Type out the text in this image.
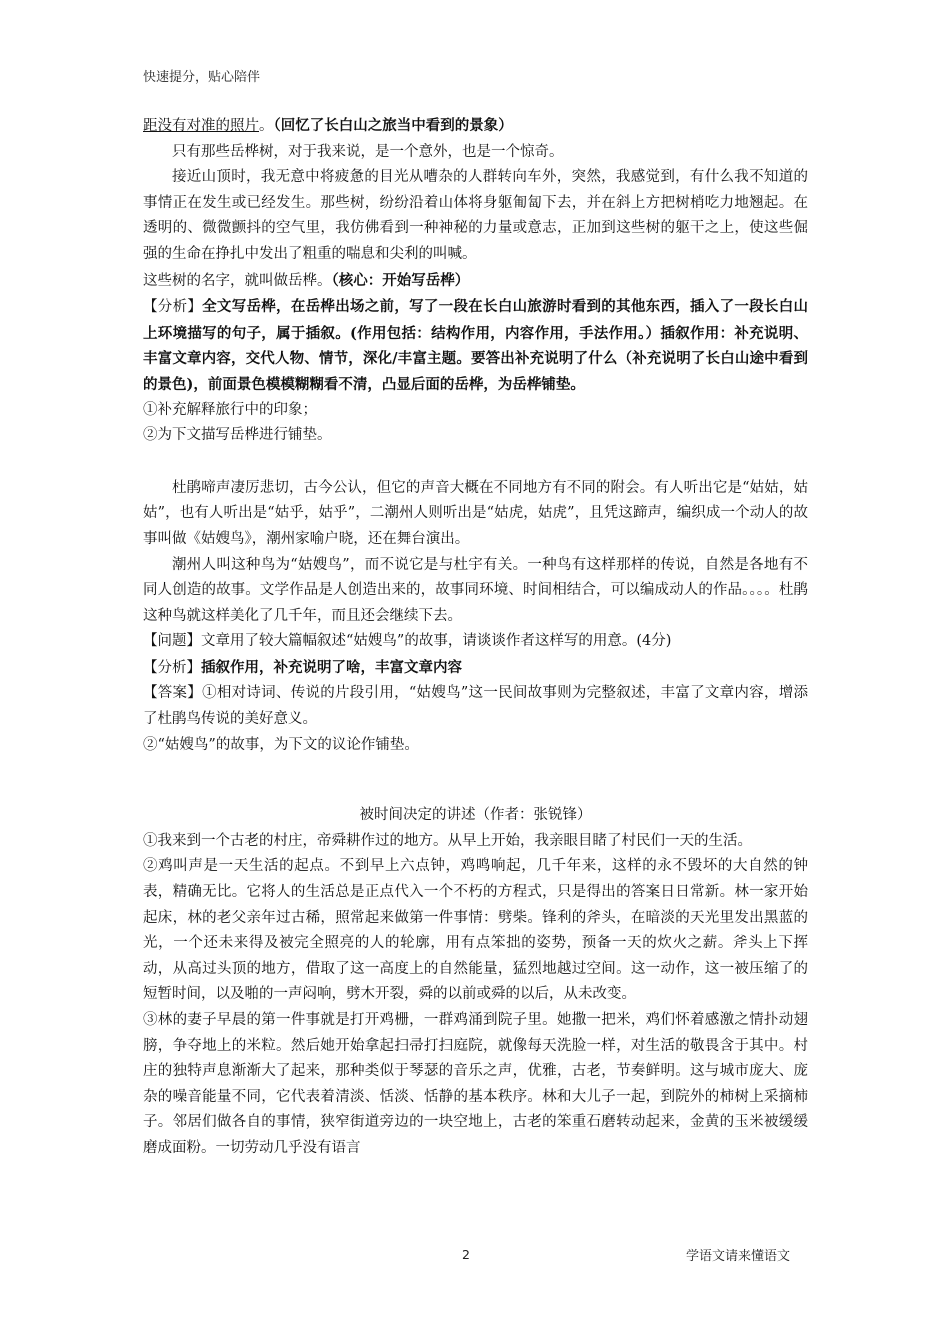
快速提分，贴心陪伴

距没有对准的照片。（回忆了长白山之旅当中看到的景象）

只有那些岳桦树，对于我来说，是一个意外，也是一个惊奇。

接近山顶时，我无意中将疲惫的目光从嘈杂的人群转向车外，突然，我感觉到，有什么我不知道的事情正在发生或已经发生。那些树，纷纷沿着山体将身躯匍匐下去，并在斜上方把树梢吃力地翘起。在透明的、微微颤抖的空气里，我仿佛看到一种神秘的力量或意志，正加到这些树的躯干之上，使这些倔强的生命在挣扎中发出了粗重的喘息和尖利的叫喊。

这些树的名字，就叫做岳桦。（核心：开始写岳桦）

【分析】全文写岳桦，在岳桦出场之前，写了一段在长白山旅游时看到的其他东西，插入了一段长白山上环境描写的句子，属于插叙。(作用包括：结构作用，内容作用，手法作用。）插叙作用：补充说明、丰富文章内容，交代人物、情节，深化/丰富主题。要答出补充说明了什么（补充说明了长白山途中看到的景色)，前面景色模模糊糊看不清，凸显后面的岳桦，为岳桦铺垫。

①补充解释旅行中的印象；

②为下文描写岳桦进行铺垫。

杜鹃啼声凄厉悲切，古今公认，但它的声音大概在不同地方有不同的附会。有人听出它是“姑姑，姑姑”，也有人听出是“姑乎，姑乎”，二潮州人则听出是“姑虎，姑虎”，且凭这蹄声，编织成一个动人的故事叫做《姑嫂鸟》，潮州家喻户晓，还在舞台演出。

潮州人叫这种鸟为“姑嫂鸟”，而不说它是与杜宇有关。一种鸟有这样那样的传说，自然是各地有不同人创造的故事。文学作品是人创造出来的，故事同环境、时间相结合，可以编成动人的作品。。。。杜鹃这种鸟就这样美化了几千年，而且还会继续下去。

【问题】文章用了较大篇幅叙述“姑嫂鸟”的故事，请谈谈作者这样写的用意。(4分)

【分析】插叙作用，补充说明了啥，丰富文章内容

【答案】①相对诗词、传说的片段引用，“姑嫂鸟”这一民间故事则为完整叙述，丰富了文章内容，增添了杜鹃鸟传说的美好意义。

②“姑嫂鸟”的故事，为下文的议论作铺垫。

被时间决定的讲述（作者：张锐锋）

①我来到一个古老的村庄，帝舜耕作过的地方。从早上开始，我亲眼目睹了村民们一天的生活。

②鸡叫声是一天生活的起点。不到早上六点钟，鸡鸣响起，几千年来，这样的永不毁坏的大自然的钟表，精确无比。它将人的生活总是正点代入一个不朽的方程式，只是得出的答案日日常新。林一家开始起床，林的老父亲年过古稀，照常起来做第一件事情：劈柴。锋利的斧头，在暗淡的天光里发出黑蓝的光，一个还未来得及被完全照亮的人的轮廓，用有点笨拙的姿势，预备一天的炊火之薪。斧头上下挥动，从高过头顶的地方，借取了这一高度上的自然能量，猛烈地越过空间。这一动作，这一被压缩了的短暂时间，以及啪的一声闷响，劈木开裂，舜的以前或舜的以后，从未改变。

③林的妻子早晨的第一件事就是打开鸡栅，一群鸡涌到院子里。她撒一把米，鸡们怀着感激之情扑动翅膀，争夺地上的米粒。然后她开始拿起扫帚打扫庭院，就像每天洗脸一样，对生活的敬畏含于其中。村庄的独特声息渐渐大了起来，那种类似于琴瑟的音乐之声，优雅，古老，节奏鲜明。这与城市庞大、庞杂的噪音能量不同，它代表着清淡、恬淡、恬静的基本秩序。林和大儿子一起，到院外的柿树上采摘柿子。邻居们做各自的事情，狭窄街道旁边的一块空地上，古老的笨重石磨转动起来，金黄的玉米被缓缓磨成面粉。一切劳动几乎没有语言

2	学语文请来懂语文
